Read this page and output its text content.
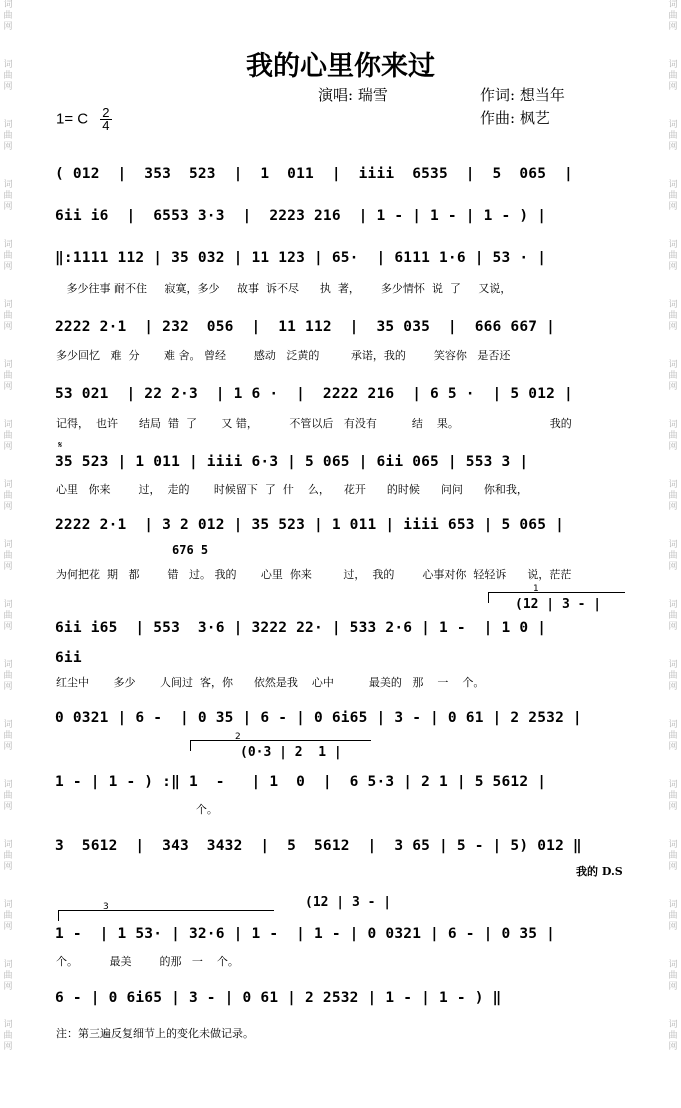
词
曲
网
词
曲
网
词
曲
网
词
曲
网
词
曲
网
词
曲
网
词
曲
网
词
曲
网
词
曲
网
词
曲
网
词
曲
网
词
曲
网
词
曲
网
词
曲
网
词
曲
网
词
曲
网
词
曲
网
词
曲
网
词
曲
网
词
曲
网
词
曲
网
词
曲
网
词
曲
网
词
曲
网
词
曲
网
词
曲
网
词
曲
网
词
曲
网
词
曲
网
词
曲
网
词
曲
网
词
曲
网
词
曲
网
词
曲
网
词
曲
网
词
曲
网
我的心里你来过
演唱: 瑞雪	作词: 想当年
作曲: 枫艺
1= C $\frac{2}{4}$
( 012  |  353  523  |  1  011  |  iiii  6535  |  5  065  |
6ii i6  |  6553 3·3  |  2223 216  | 1 - | 1 - | 1 - ) |
‖:1111 112 | 35 032 | 11 123 | 65·  | 6111 1·6 | 53 · |
多少往事 耐不住     寂寞，多少     故事  诉不尽      执  著，      多少情怀  说  了     又说，
2222 2·1  | 232  056  |  11 112  |  35 035  |  666 667 |
多少回忆   难  分       难 舍。 曾经        感动   泛黄的         承诺，我的        笑容你   是否还
53 021  | 22 2·3  | 1 6 ·  |  2222 216  | 6 5 ·  | 5 012 |
记得，  也许      结局  错  了       又 错，         不管以后   有没有          结    果。                          我的
𝄋
35 523 | 1 011 | iiii 6·3 | 5 065 | 6ii 065 | 553 3 |
心里   你来        过，  走的       时候留下  了  什    么，    花开      的时候      问问      你和我，
2222 2·1  | 3 2 012 | 35 523 | 1 011 | iiii 653 | 5 065 |
676 5
为何把花  期   都        错   过。 我的       心里  你来         过，  我的        心事对你  轻轻诉      说，茫茫
1
(12 | 3 - |
6ii i65  | 553  3·6 | 3222 22· | 533 2·6 | 1 -  | 1 0 |
6ii
红尘中       多少       人间过  客，你      依然是我    心中          最美的   那    一    个。
0 0321 | 6 -  | 0 35 | 6 - | 0 6i65 | 3 - | 0 61 | 2 2532 |
2
(0·3 | 2  1 |
1 - | 1 - ) :‖ 1  -   | 1  0  |  6 5·3 | 2 1 | 5 5612 |
个。
3  5612  |  343  3432  |  5  5612  |  3 65 | 5 - | 5) 012 ‖
我的 D.S
3	(12 | 3 - |
1 -  | 1 53· | 32·6 | 1 -  | 1 - | 0 0321 | 6 - | 0 35 |
个。         最美        的那   一    个。
6 - | 0 6i65 | 3 - | 0 61 | 2 2532 | 1 - | 1 - ) ‖
注：第三遍反复细节上的变化未做记录。
